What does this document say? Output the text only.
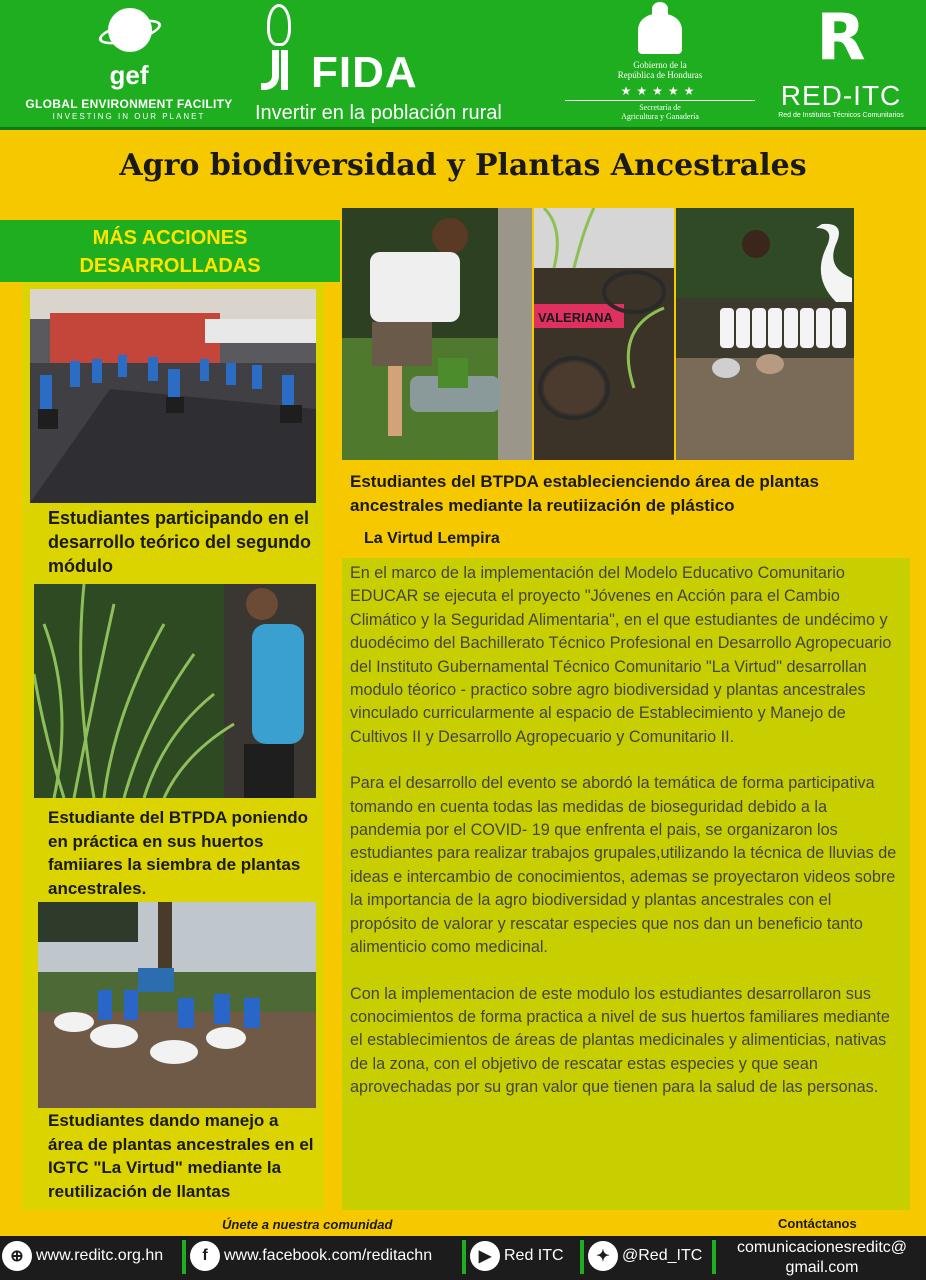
gef
GLOBAL ENVIRONMENT FACILITY
INVESTING IN OUR PLANET
FIDA
Invertir en la población rural
Gobierno de la
República de Honduras
★★★★★
Secretaría de
Agricultura y Ganadería
R
RED-ITC
Red de Institutos Técnicos Comunitarios
Agro biodiversidad y Plantas Ancestrales
MÁS ACCIONES
DESARROLLADAS
VALERIANA
Estudiantes participando en el desarrollo teórico del segundo módulo
Estudiante del BTPDA poniendo en práctica en sus huertos famiiares la siembra de plantas ancestrales.
Estudiantes dando manejo a área de plantas ancestrales en el IGTC "La Virtud" mediante la reutilización de llantas
Estudiantes del BTPDA establecienciendo área de plantas ancestrales mediante la reutiización de plástico
La Virtud Lempira

En el marco de la implementación del Modelo Educativo Comunitario EDUCAR se ejecuta el proyecto "Jóvenes en Acción para el Cambio Climático y la Seguridad Alimentaria", en el que estudiantes de undécimo y duodécimo del Bachillerato Técnico Profesional en Desarrollo Agropecuario del Instituto Gubernamental Técnico Comunitario "La Virtud" desarrollan modulo téorico - practico sobre agro biodiversidad y plantas ancestrales vinculado curricularmente al espacio de Establecimiento y Manejo de Cultivos II y Desarrollo Agropecuario y Comunitario II.

Para el desarrollo del evento se abordó la temática de forma participativa tomando en cuenta todas las medidas de bioseguridad debido a la pandemia por el COVID- 19 que enfrenta el pais, se organizaron los estudiantes para realizar trabajos grupales,utilizando la técnica de lluvias de ideas e intercambio de conocimientos, ademas se proyectaron videos sobre la importancia de la agro biodiversidad y plantas ancestrales con el propósito de valorar y rescatar especies que nos dan un beneficio tanto alimenticio como medicinal.

Con la implementacion de este modulo los estudiantes desarrollaron sus conocimientos de forma practica a nivel de sus huertos familiares mediante el establecimientos de áreas de plantas medicinales y alimenticias, nativas de la zona, con el objetivo de rescatar estas especies y que sean aprovechadas por su gran valor que tienen para la salud de las personas.

Únete a nuestra comunidad	Contáctanos
⊕ www.reditc.org.hn	f	www.facebook.com/reditachn	▶ Red ITC	✦ @Red_ITC	comunicacionesreditc@
gmail.com
